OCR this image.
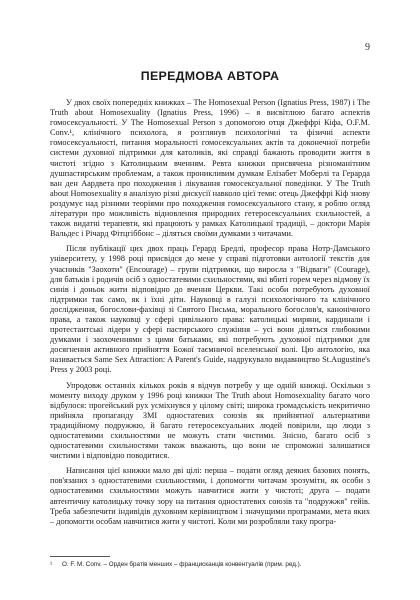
9
ПЕРЕДМОВА АВТОРА

У двох своїх попередніх книжках – The Homosexual Person (Ignatius Press, 1987) і The Truth about Homosexuality (Ignatius Press, 1996) – я висвітлюю багато аспектів гомосексуальності. У The Homosexual Person з допомогою отця Джеффрі Кіфа, O.F.M. Conv.¹, клінічного психолога, я розглянув психологічні та фізичні аспекти гомосексуальності, питання моральності гомосексуальних актів та доконечної потреби системи духовної підтримки для католиків, які справді бажають проводити життя в чистоті згідно з Католицьким вченням. Ревта книжки присвячена різноманітним душпастирським проблемам, а також проникливим думкам Елізабет Моберлі та Герарда ван ден Аардвета про походження і лікування гомосексуальної поведінки. У The Truth about Homosexuality я аналізую різні дискусії навколо цієї теми: отець Джеффрі Кіф знову роздумує над різними теоріями про походження гомосексуального стану, я роблю огляд літератури про можливість відновлення природних гетеросексуальних схильностей, а також видатні терапевти, які працюють у рамках Католицької традиції, – доктори Марія Вальдес і Річард Фітцгіббонс – діляться своїми думками з читачами.

Після публікації цих двох праць Герард Бредлі, професор права Нотр-Дамського університету, у 1998 році присвідся до мене у справі підготовки антології текстів для учасників "Заохоти" (Encourage) – групи підтримки, що виросла з "Відваги" (Courage), для батьків і родичів осіб з одностатевими схильностями, які вбиті горем через відмову їх синів і доньок жити відповідно до вчення Церкви. Такі особи потребують духовної підтримки так само, як і їхні діти. Науковці в галузі психологічного та клінічного дослідження, богослови-фахівці зі Святого Письма, морального богослов'я, канонічного права, а також науковці у сфері цивільного права: католицькі миряни, кардинали і протестантські лідери у сфері пастирського служіння – усі вони діляться глибокими думками і заохоченнями з цими батьками, які потребують духовної підтримки для досягнення активного прийняття Божої таємничої вселенської волі. Цю антологію, яка називається Same Sex Attraction: A Parent's Guide, надрукувало видавництво St.Augustine's Press у 2003 році.

Упродовж останніх кількох років я відчув потребу у ще одній книжці. Оскільки з моменту виходу друком у 1996 році книжки The Truth about Homosexuality багато чого відбулося: прогейський рух усміхнувся у цілому світі; широка громадськість некритично прийняла пропаганду ЗМІ одностатевих союзів як прийнятної альтернативи традиційному подружжю, й багато гетеросексуальних людей повірили, що люди з одностатевими схильностями не можуть стати чистими. Знісно, багато осіб з одностатевими схильностями також вважають, що вони не спроможні залишатися чистими і відповідно поводитися.

Написання цієї книжки мало дві цілі: перша – подати огляд деяких базових понять, пов'язаних з одностатевими схильностями, і допомогти читачам зрозуміти, як особи з одностатевими схильностями можуть навчитися жити у чистоті; друга – подати автентичну католицьку точку зору на питання одностатевих союзів та "подружжя" гейів. Треба забезпечити індивідів духовним керівництвом і значущими програмами, мета яких – допомогти особам навчитися жити у чистоті. Коли ми розробляли таку програ-

¹ O. F. M. Conv. – Орден братів менших – францисканців конвентуалів (прим. ред.).
